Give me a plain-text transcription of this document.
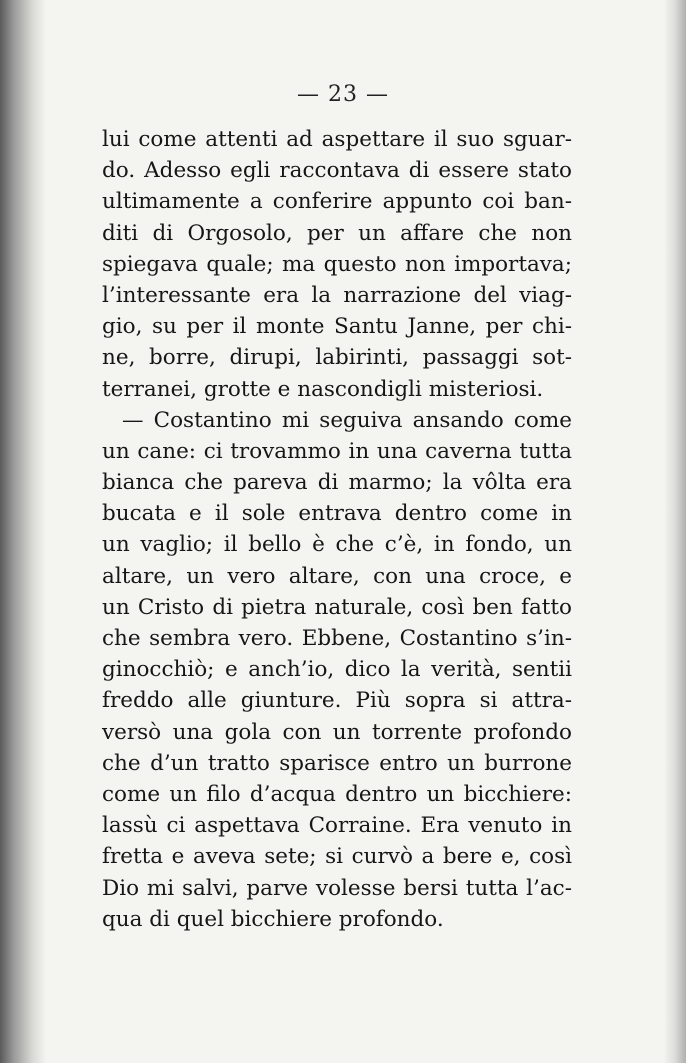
— 23 —
lui come attenti ad aspettare il suo sguar-
do. Adesso egli raccontava di essere stato
ultimamente a conferire appunto coi ban-
diti di Orgosolo, per un affare che non
spiegava quale; ma questo non importava;
l’interessante era la narrazione del viag-
gio, su per il monte Santu Janne, per chi-
ne, borre, dirupi, labirinti, passaggi sot-
terranei, grotte e nascondigli misteriosi.
— Costantino mi seguiva ansando come
un cane: ci trovammo in una caverna tutta
bianca che pareva di marmo; la vôlta era
bucata e il sole entrava dentro come in
un vaglio; il bello è che c’è, in fondo, un
altare, un vero altare, con una croce, e
un Cristo di pietra naturale, così ben fatto
che sembra vero. Ebbene, Costantino s’in-
ginocchiò; e anch’io, dico la verità, sentii
freddo alle giunture. Più sopra si attra-
versò una gola con un torrente profondo
che d’un tratto sparisce entro un burrone
come un filo d’acqua dentro un bicchiere:
lassù ci aspettava Corraine. Era venuto in
fretta e aveva sete; si curvò a bere e, così
Dio mi salvi, parve volesse bersi tutta l’ac-
qua di quel bicchiere profondo.
